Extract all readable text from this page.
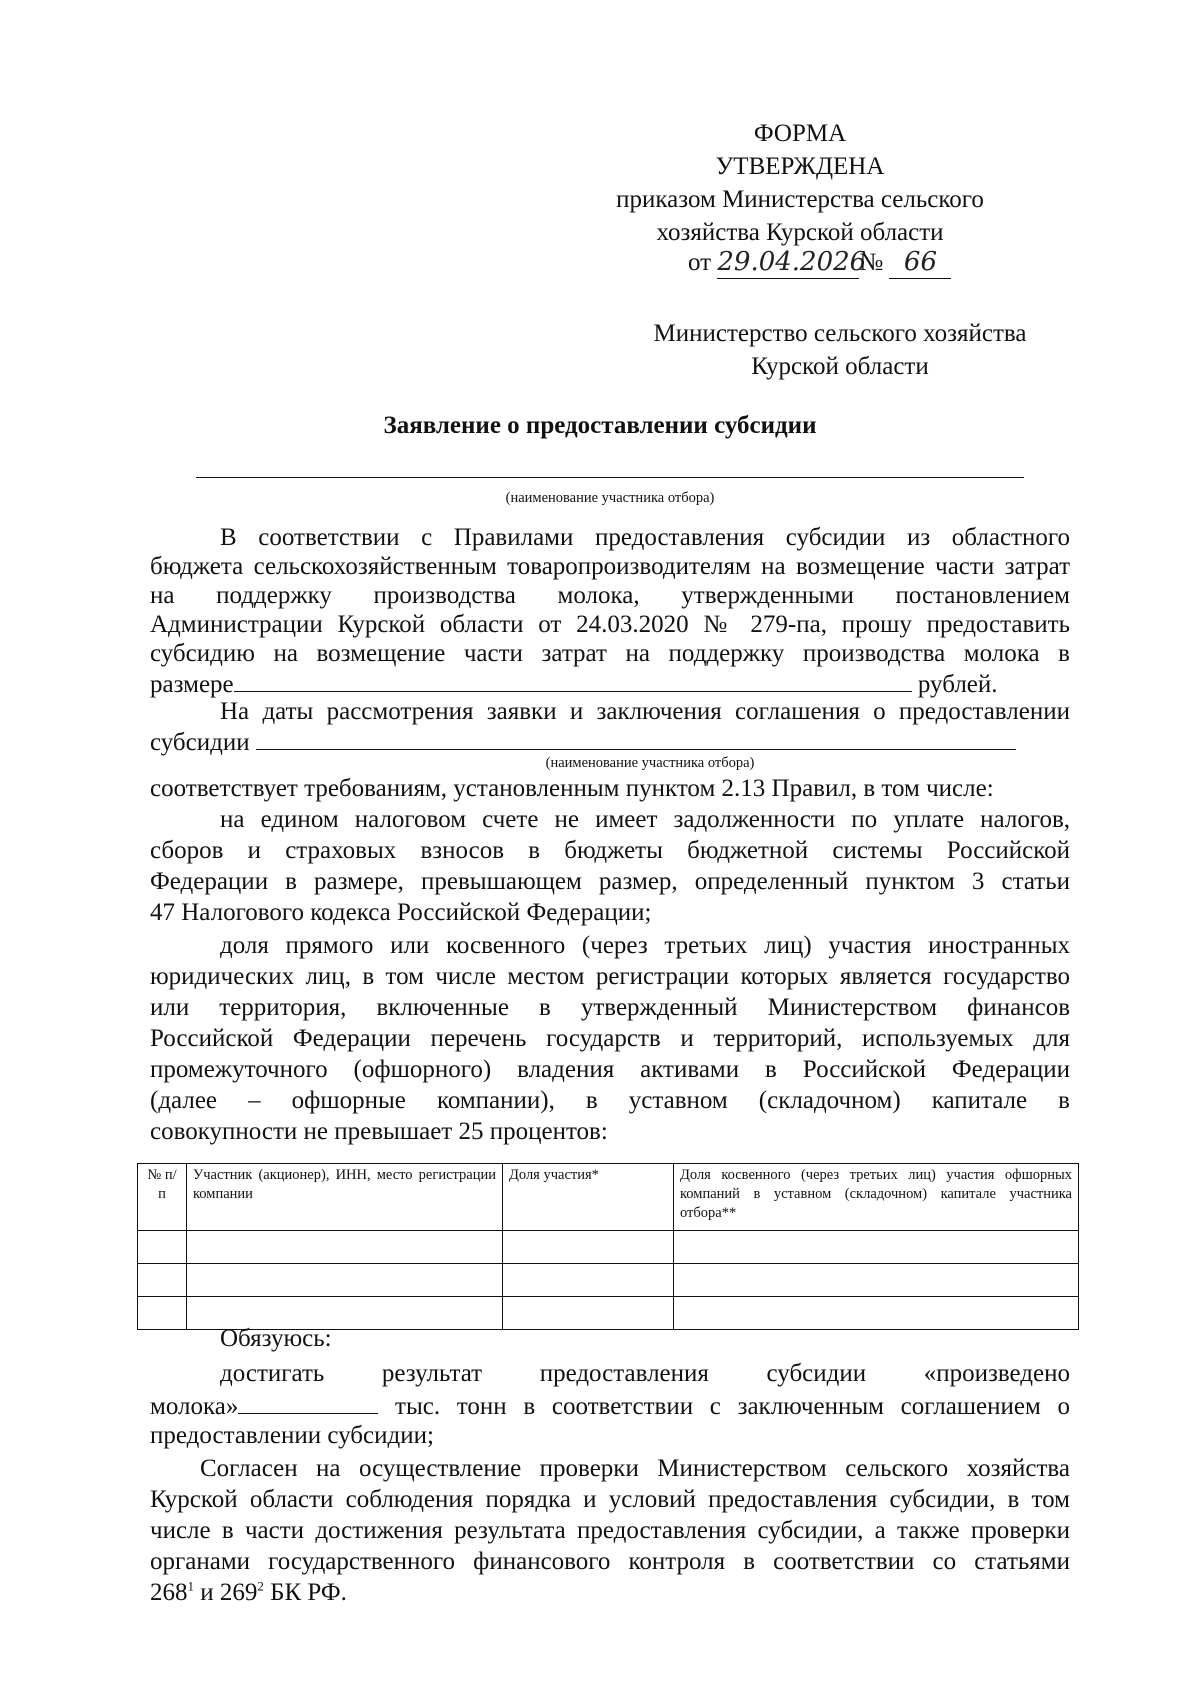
ФОРМА
УТВЕРЖДЕНА
приказом Министерства сельского
хозяйства Курской области
от 29.04.2026№ 66
Министерство сельского хозяйства
Курской области
Заявление о предоставлении субсидии
(наименование участника отбора)
В соответствии с Правилами предоставления субсидии из областного
бюджета сельскохозяйственным товаропроизводителям на возмещение части затрат
на поддержку производства молока, утвержденными постановлением
Администрации Курской области от 24.03.2020 № 279-па, прошу предоставить
субсидию на возмещение части затрат на поддержку производства молока в
размере	рублей.
На даты рассмотрения заявки и заключения соглашения о предоставлении
субсидии
(наименование участника отбора)
соответствует требованиям, установленным пунктом 2.13 Правил, в том числе:
на едином налоговом счете не имеет задолженности по уплате налогов,
сборов и страховых взносов в бюджеты бюджетной системы Российской
Федерации в размере, превышающем размер, определенный пунктом 3 статьи
47 Налогового кодекса Российской Федерации;
доля прямого или косвенного (через третьих лиц) участия иностранных
юридических лиц, в том числе местом регистрации которых является государство
или территория, включенные в утвержденный Министерством финансов
Российской Федерации перечень государств и территорий, используемых для
промежуточного (офшорного) владения активами в Российской Федерации
(далее – офшорные компании), в уставном (складочном) капитале в
совокупности не превышает 25 процентов:
№ п/п	Участник (акционер), ИНН, место регистрации компании	Доля участия*	Доля косвенного (через третьих лиц) участия офшорных компаний в уставном (складочном) капитале участника отбора**

Обязуюсь:
достигать результат предоставления субсидии «произведено
молока»	тыс. тонн в соответствии с заключенным соглашением о
предоставлении субсидии;
Согласен на осуществление проверки Министерством сельского хозяйства
Курской области соблюдения порядка и условий предоставления субсидии, в том
числе в части достижения результата предоставления субсидии, а также проверки
органами государственного финансового контроля в соответствии со статьями
$268^1$ и $269^2$ БК РФ.
